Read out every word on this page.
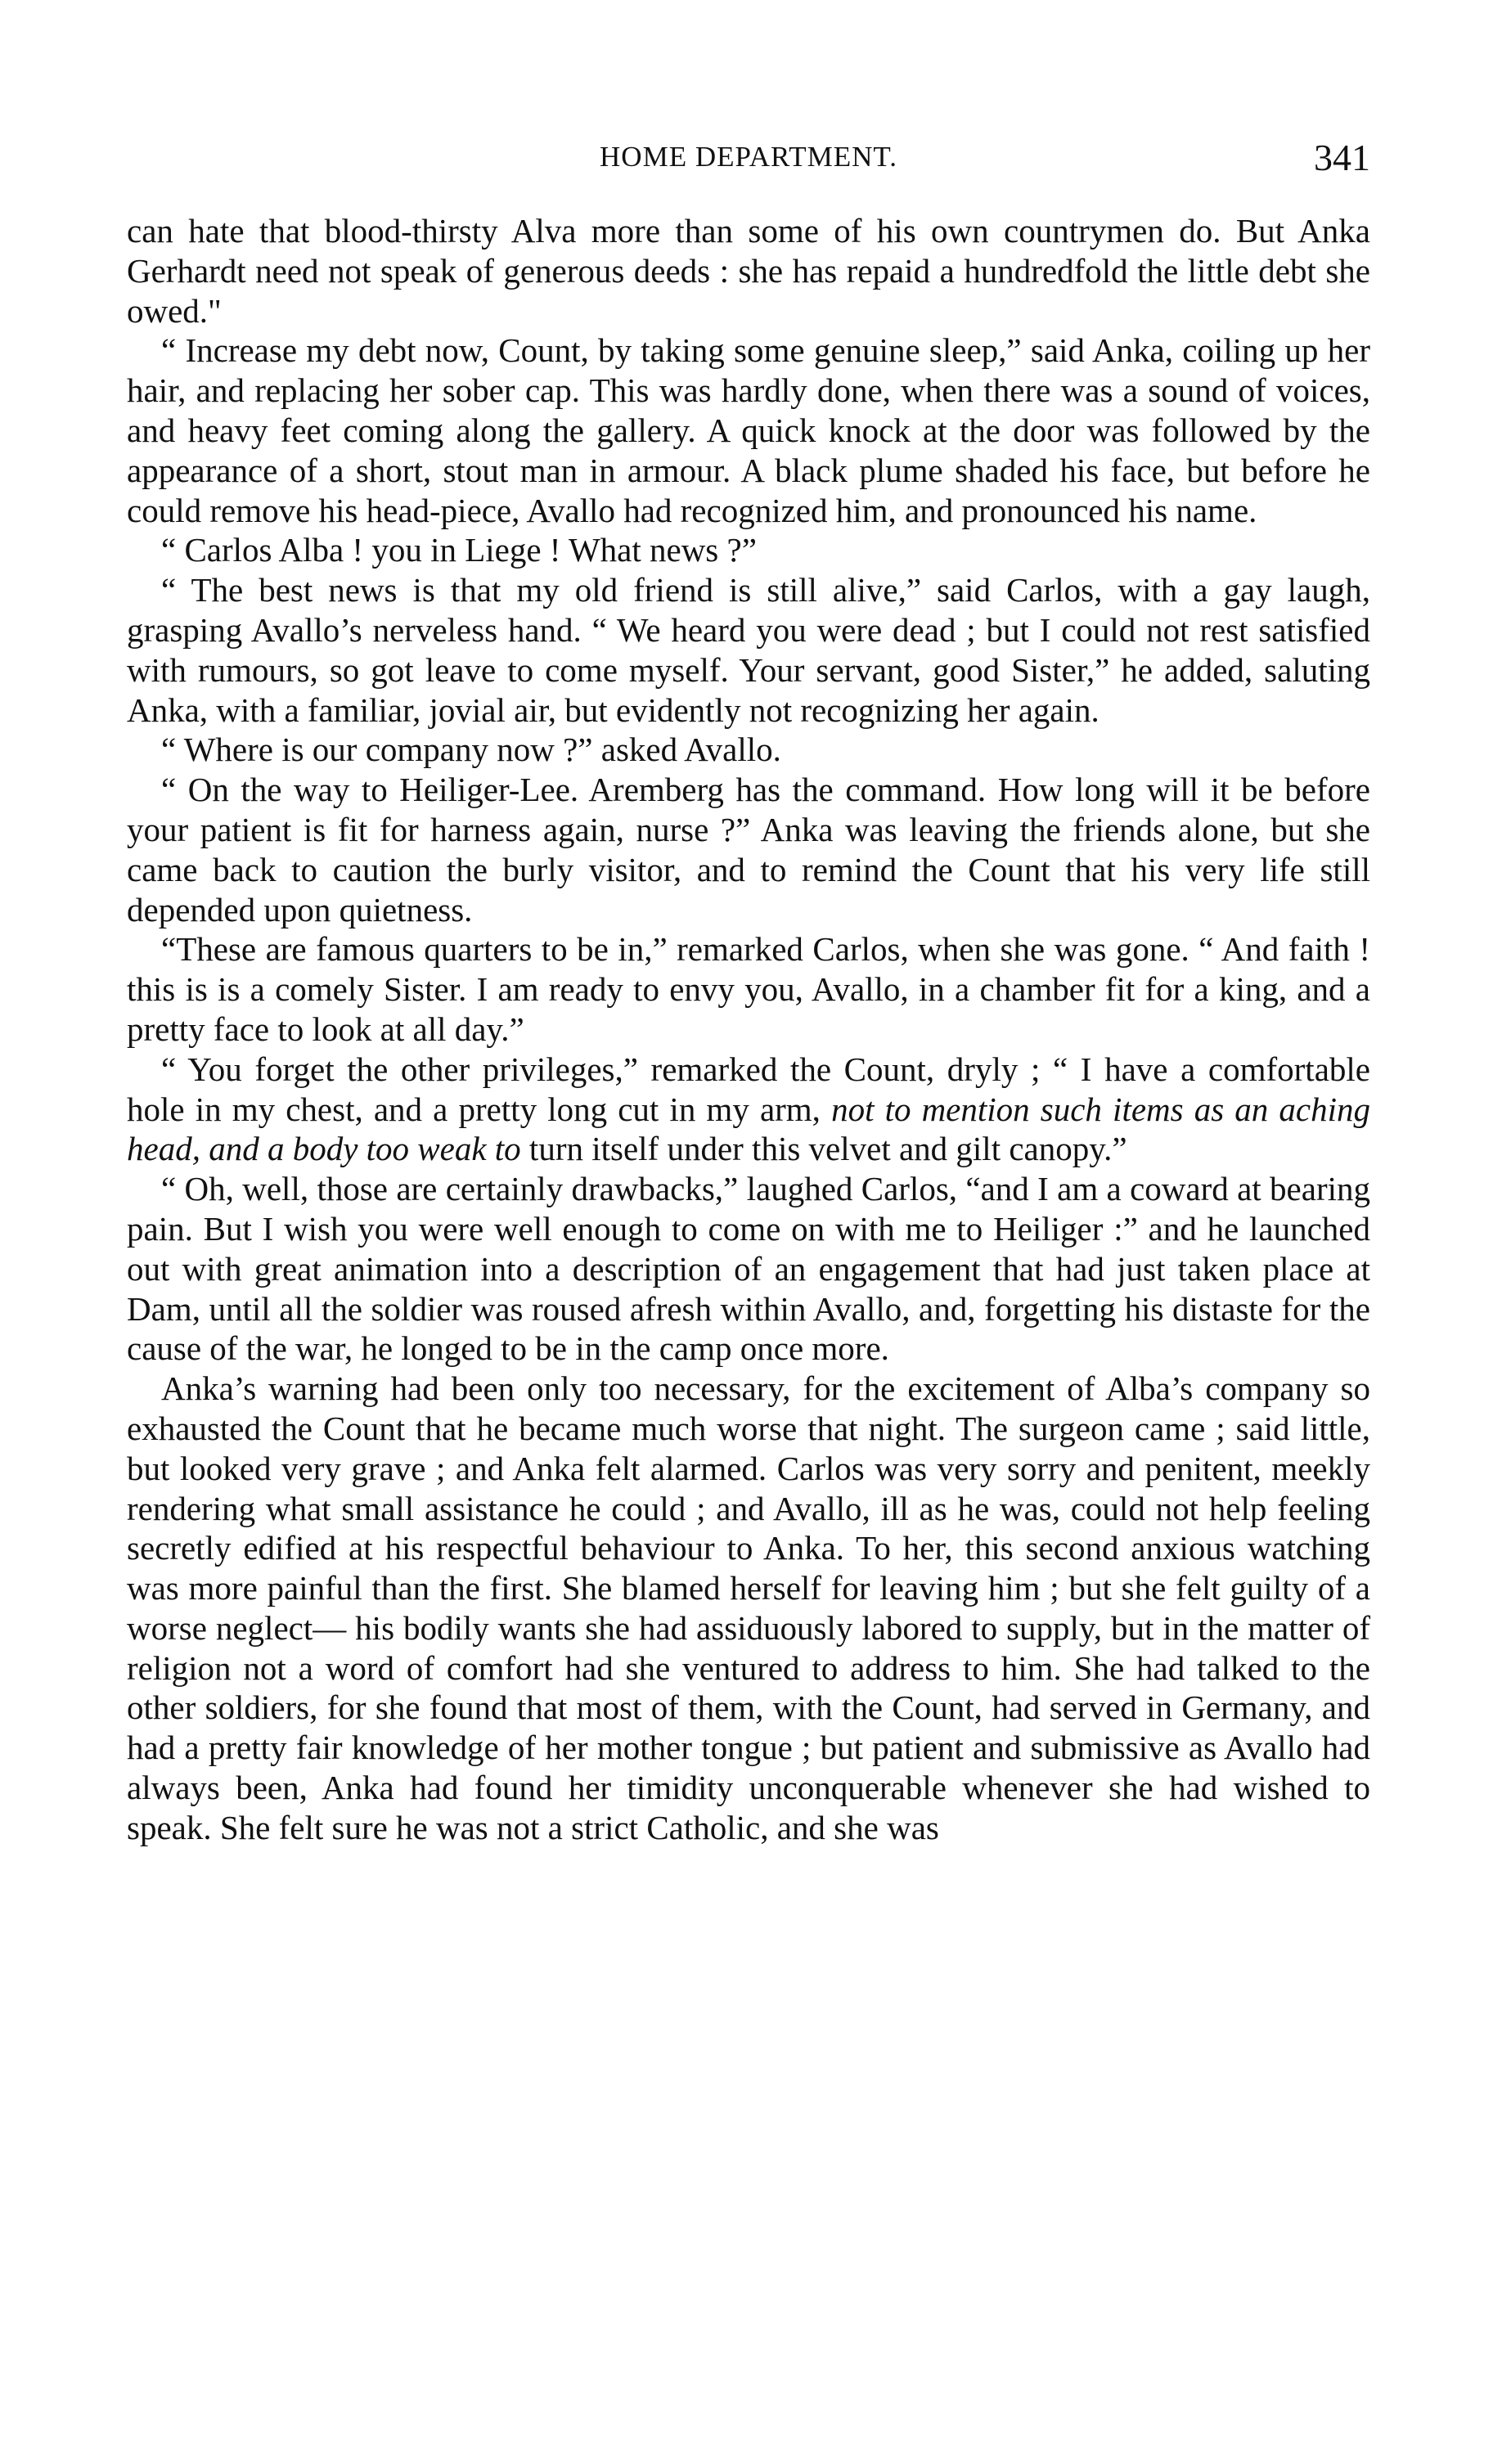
HOME DEPARTMENT.	341

can hate that blood-thirsty Alva more than some of his own countrymen do. But Anka Gerhardt need not speak of generous deeds : she has repaid a hundredfold the little debt she owed."

“ Increase my debt now, Count, by taking some genuine sleep,” said Anka, coiling up her hair, and replacing her sober cap. This was hardly done, when there was a sound of voices, and heavy feet coming along the gallery. A quick knock at the door was followed by the appearance of a short, stout man in armour. A black plume shaded his face, but before he could remove his head-piece, Avallo had recognized him, and pronounced his name.

“ Carlos Alba ! you in Liege ! What news ?”

“ The best news is that my old friend is still alive,” said Carlos, with a gay laugh, grasping Avallo’s nerveless hand. “ We heard you were dead ; but I could not rest satisfied with rumours, so got leave to come myself. Your servant, good Sister,” he added, saluting Anka, with a familiar, jovial air, but evidently not recognizing her again.

“ Where is our company now ?” asked Avallo.

“ On the way to Heiliger-Lee. Aremberg has the command. How long will it be before your patient is fit for harness again, nurse ?” Anka was leaving the friends alone, but she came back to caution the burly visitor, and to remind the Count that his very life still depended upon quietness.

“These are famous quarters to be in,” remarked Carlos, when she was gone. “ And faith ! this is is a comely Sister. I am ready to envy you, Avallo, in a chamber fit for a king, and a pretty face to look at all day.”

“ You forget the other privileges,” remarked the Count, dryly ; “ I have a comfortable hole in my chest, and a pretty long cut in my arm, not to mention such items as an aching head, and a body too weak to turn itself under this velvet and gilt canopy.”

“ Oh, well, those are certainly drawbacks,” laughed Carlos, “and I am a coward at bearing pain. But I wish you were well enough to come on with me to Heiliger :” and he launched out with great animation into a description of an engagement that had just taken place at Dam, until all the soldier was roused afresh within Avallo, and, forgetting his distaste for the cause of the war, he longed to be in the camp once more.

Anka’s warning had been only too necessary, for the excitement of Alba’s company so exhausted the Count that he became much worse that night. The surgeon came ; said little, but looked very grave ; and Anka felt alarmed. Carlos was very sorry and penitent, meekly rendering what small assistance he could ; and Avallo, ill as he was, could not help feeling secretly edified at his respectful behaviour to Anka. To her, this second anxious watching was more painful than the first. She blamed herself for leaving him ; but she felt guilty of a worse neglect— his bodily wants she had assiduously labored to supply, but in the matter of religion not a word of comfort had she ventured to address to him. She had talked to the other soldiers, for she found that most of them, with the Count, had served in Germany, and had a pretty fair knowledge of her mother tongue ; but patient and submissive as Avallo had always been, Anka had found her timidity unconquerable whenever she had wished to speak. She felt sure he was not a strict Catholic, and she was
